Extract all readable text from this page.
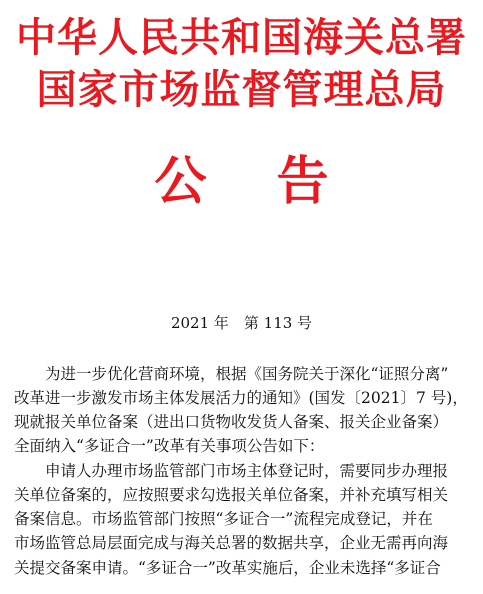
中华人民共和国海关总署
国家市场监督管理总局
公告
2021 年　第 113 号
为进一步优化营商环境，根据《国务院关于深化“证照分离”
改革进一步激发市场主体发展活力的通知》(国发〔2021〕7 号)，
现就报关单位备案（进出口货物收发货人备案、报关企业备案）
全面纳入“多证合一”改革有关事项公告如下：
申请人办理市场监管部门市场主体登记时，需要同步办理报
关单位备案的，应按照要求勾选报关单位备案，并补充填写相关
备案信息。市场监管部门按照“多证合一”流程完成登记，并在
市场监管总局层面完成与海关总署的数据共享，企业无需再向海
关提交备案申请。“多证合一”改革实施后，企业未选择“多证合
